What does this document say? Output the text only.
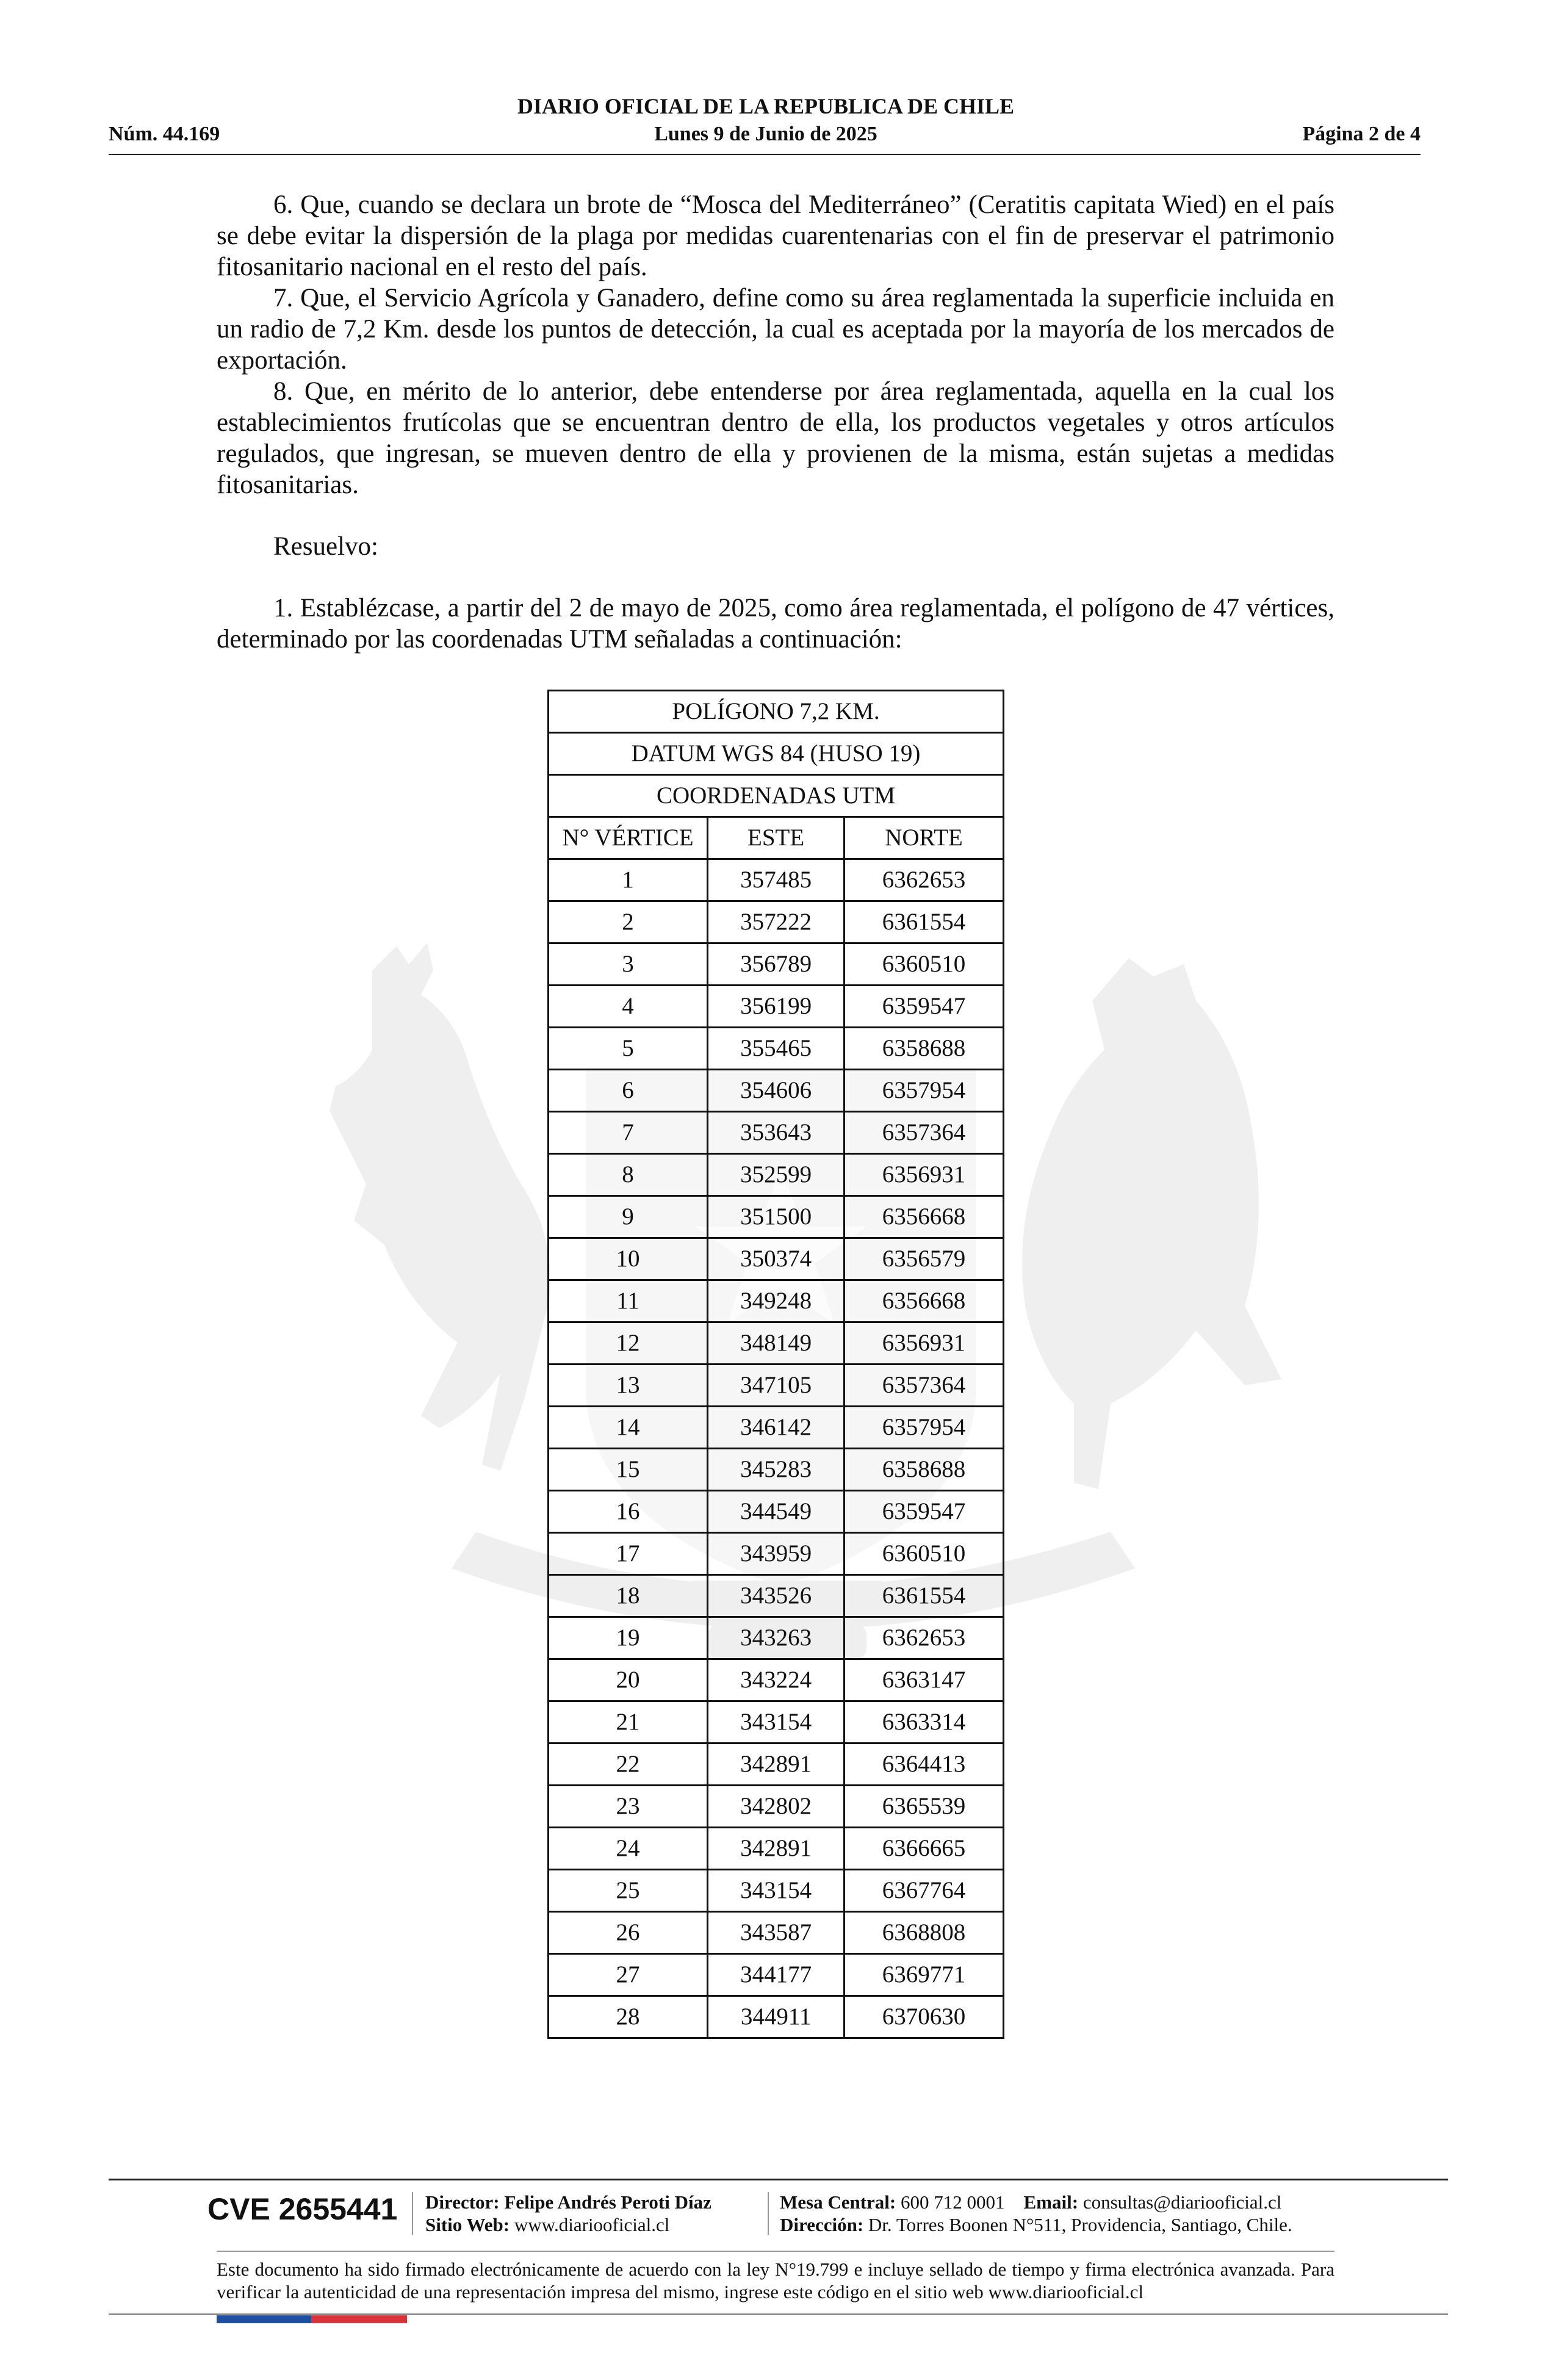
DIARIO OFICIAL DE LA REPUBLICA DE CHILE
Núm. 44.169	Lunes 9 de Junio de 2025	Página 2 de 4

6. Que, cuando se declara un brote de “Mosca del Mediterráneo” (Ceratitis capitata Wied) en el país se debe evitar la dispersión de la plaga por medidas cuarentenarias con el fin de preservar el patrimonio fitosanitario nacional en el resto del país.

7. Que, el Servicio Agrícola y Ganadero, define como su área reglamentada la superficie incluida en un radio de 7,2 Km. desde los puntos de detección, la cual es aceptada por la mayoría de los mercados de exportación.

8. Que, en mérito de lo anterior, debe entenderse por área reglamentada, aquella en la cual los establecimientos frutícolas que se encuentran dentro de ella, los productos vegetales y otros artículos regulados, que ingresan, se mueven dentro de ella y provienen de la misma, están sujetas a medidas fitosanitarias.

Resuelvo:

1. Establézcase, a partir del 2 de mayo de 2025, como área reglamentada, el polígono de 47 vértices, determinado por las coordenadas UTM señaladas a continuación:

POLÍGONO 7,2 KM.		
DATUM WGS 84 (HUSO 19)		
COORDENADAS UTM		
N° VÉRTICE	ESTE	NORTE
1	357485	6362653
2	357222	6361554
3	356789	6360510
4	356199	6359547
5	355465	6358688
6	354606	6357954
7	353643	6357364
8	352599	6356931
9	351500	6356668
10	350374	6356579
11	349248	6356668
12	348149	6356931
13	347105	6357364
14	346142	6357954
15	345283	6358688
16	344549	6359547
17	343959	6360510
18	343526	6361554
19	343263	6362653
20	343224	6363147
21	343154	6363314
22	342891	6364413
23	342802	6365539
24	342891	6366665
25	343154	6367764
26	343587	6368808
27	344177	6369771
28	344911	6370630
CVE 2655441 Director: Felipe Andrés Peroti Díaz
Sitio Web: www.diariooficial.cl
Mesa Central: 600 712 0001 Email: consultas@diariooficial.cl
Dirección: Dr. Torres Boonen N°511, Providencia, Santiago, Chile.
Este documento ha sido firmado electrónicamente de acuerdo con la ley N°19.799 e incluye sellado de tiempo y firma electrónica avanzada. Para verificar la autenticidad de una representación impresa del mismo, ingrese este código en el sitio web www.diariooficial.cl
